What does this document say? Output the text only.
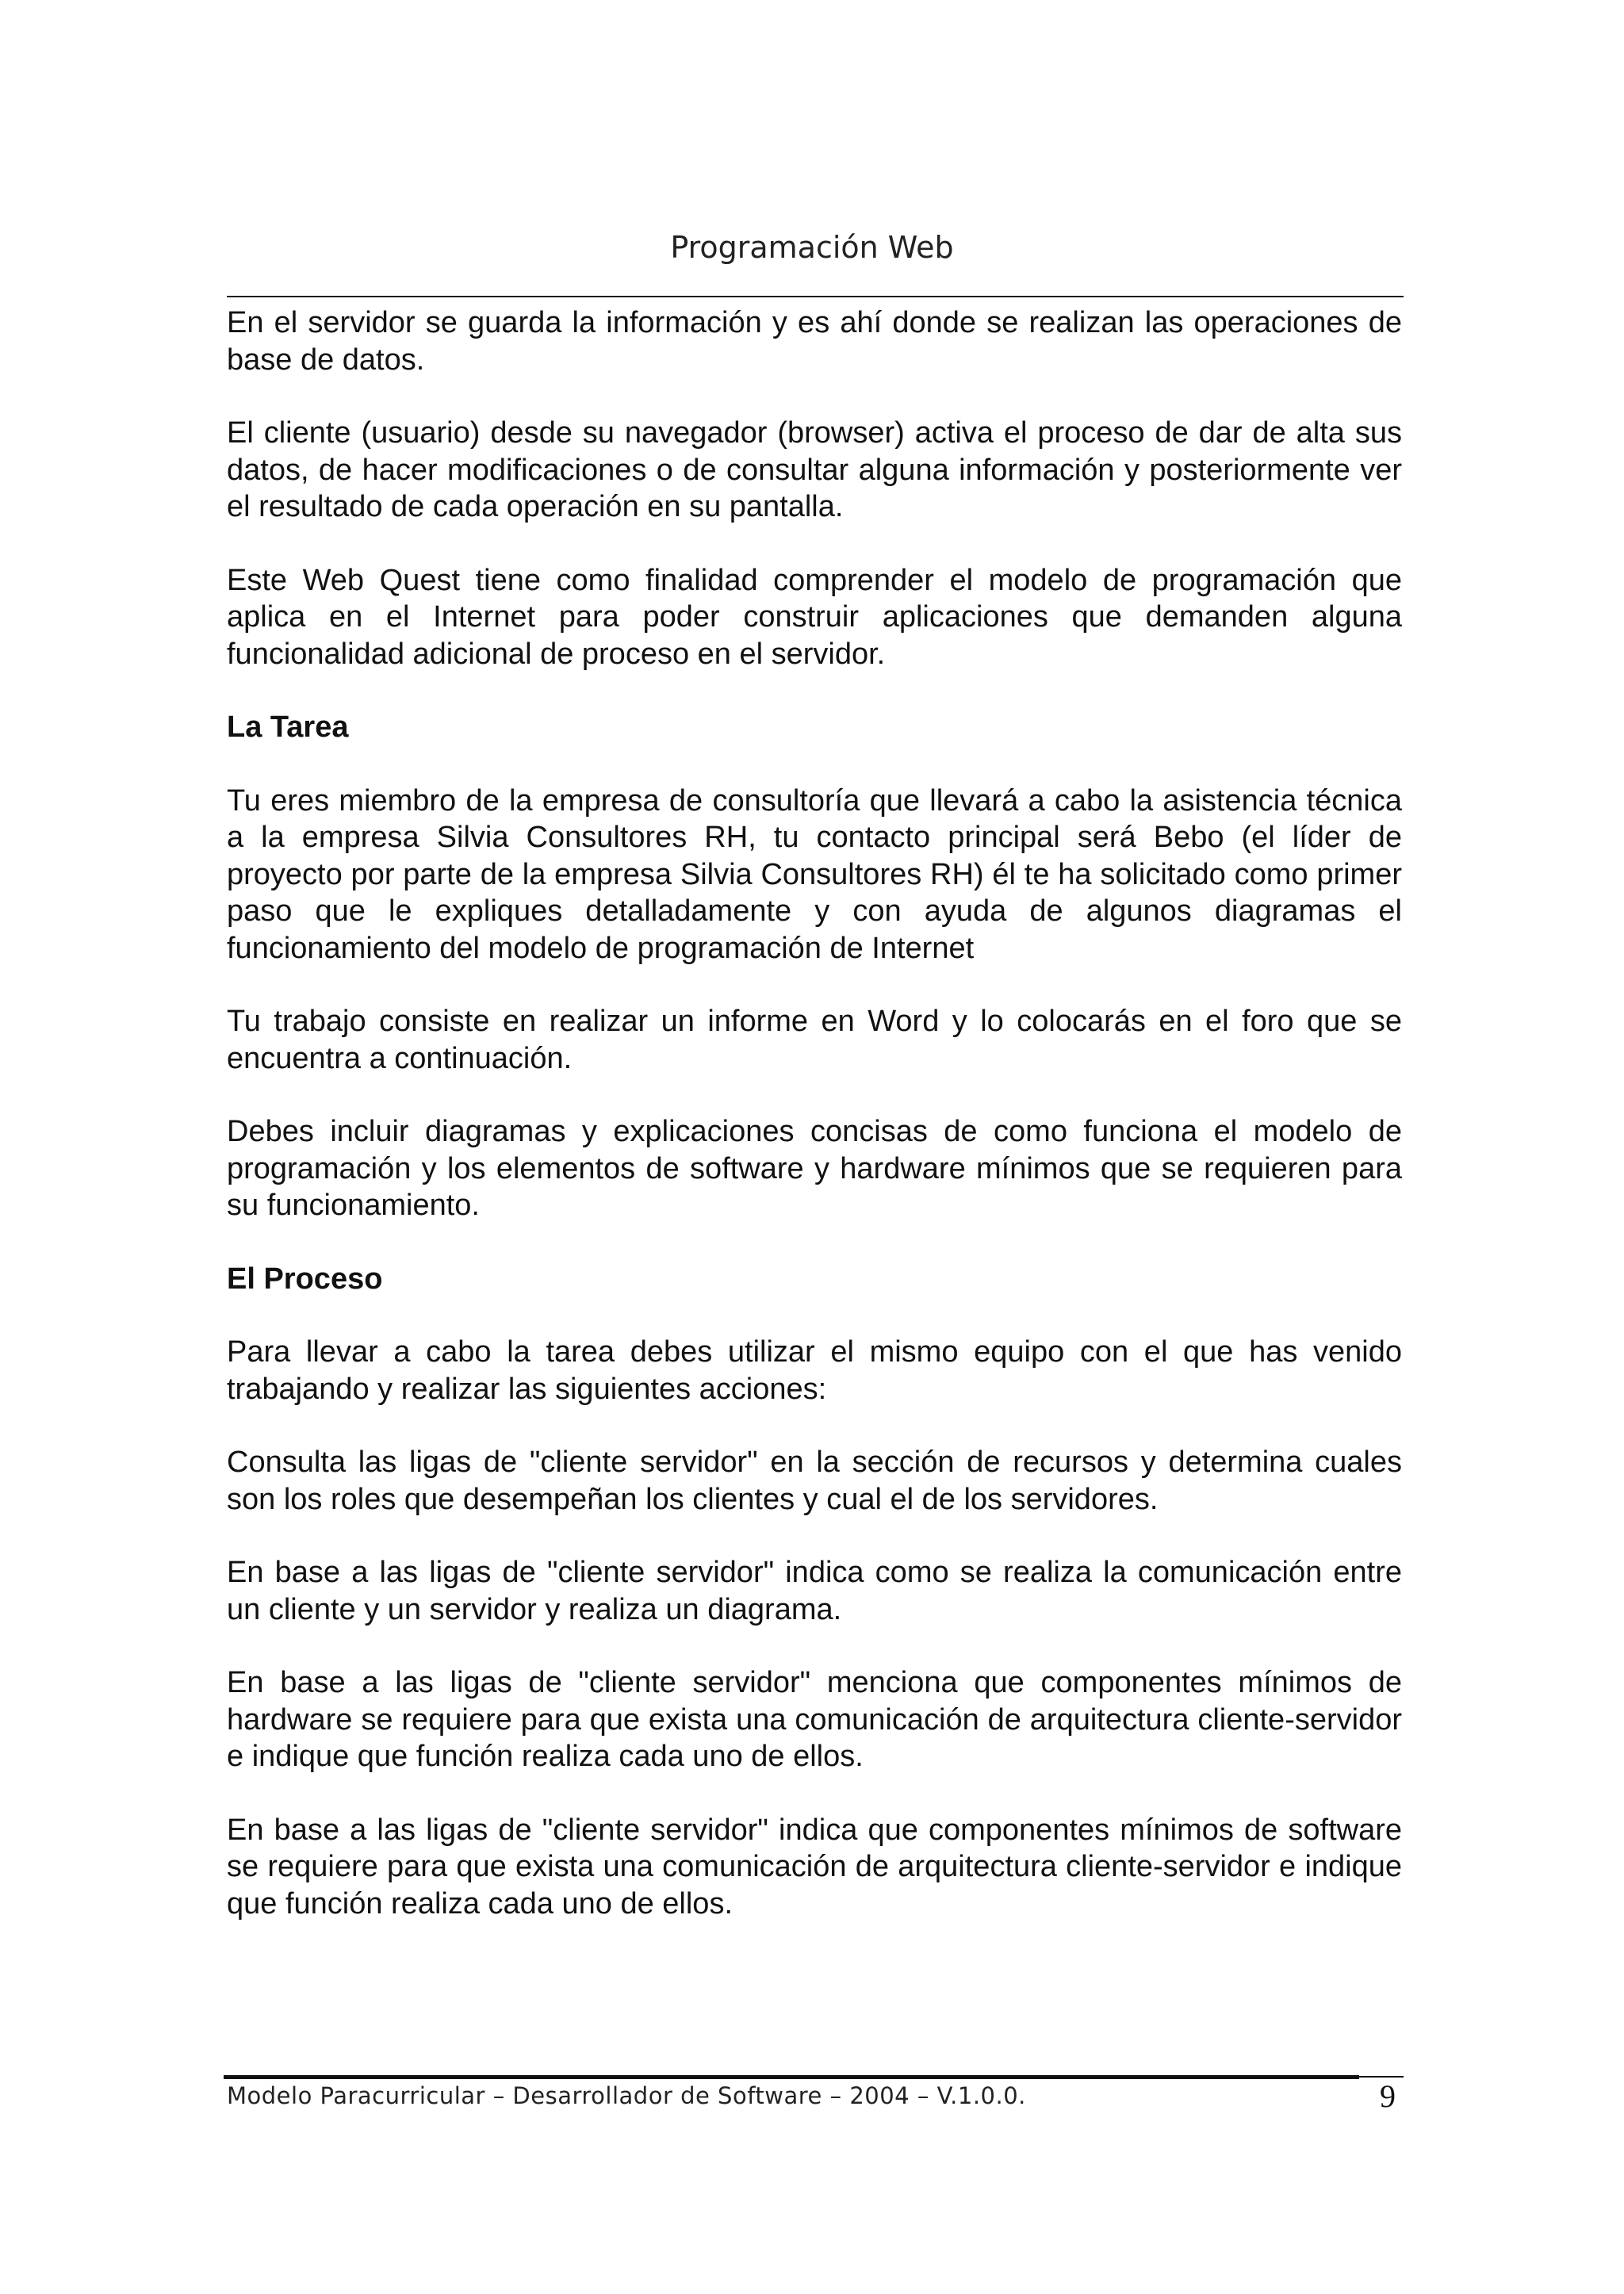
Programación Web

En el servidor se guarda la información y es ahí donde se realizan las operaciones de base de datos.

El cliente (usuario) desde su navegador (browser) activa el proceso de dar de alta sus datos, de hacer modificaciones o de consultar alguna información y posteriormente ver el resultado de cada operación en su pantalla.

Este Web Quest tiene como finalidad comprender el modelo de programación que aplica en el Internet para poder construir aplicaciones que demanden alguna funcionalidad adicional de proceso en el servidor.

La Tarea

Tu eres miembro de la empresa de consultoría que llevará a cabo la asistencia técnica a la empresa Silvia Consultores RH, tu contacto principal será Bebo (el líder de proyecto por parte de la empresa Silvia Consultores RH) él te ha solicitado como primer paso que le expliques detalladamente y con ayuda de algunos diagramas el funcionamiento del modelo de programación de Internet

Tu trabajo consiste en realizar un informe en Word y lo colocarás en el foro que se encuentra a continuación.

Debes incluir diagramas y explicaciones concisas de como funciona el modelo de programación y los elementos de software y hardware mínimos que se requieren para su funcionamiento.

El Proceso

Para llevar a cabo la tarea debes utilizar el mismo equipo con el que has venido trabajando y realizar las siguientes acciones:

Consulta las ligas de "cliente servidor" en la sección de recursos y determina cuales son los roles que desempeñan los clientes y cual el de los servidores.

En base a las ligas de "cliente servidor" indica como se realiza la comunicación entre un cliente y un servidor y realiza un diagrama.

En base a las ligas de "cliente servidor" menciona que componentes mínimos de hardware se requiere para que exista una comunicación de arquitectura cliente-servidor e indique que función realiza cada uno de ellos.

En base a las ligas de "cliente servidor" indica que componentes mínimos de software se requiere para que exista una comunicación de arquitectura cliente-servidor e indique que función realiza cada uno de ellos.

Modelo Paracurricular – Desarrollador de Software – 2004 – V.1.0.0.	9
